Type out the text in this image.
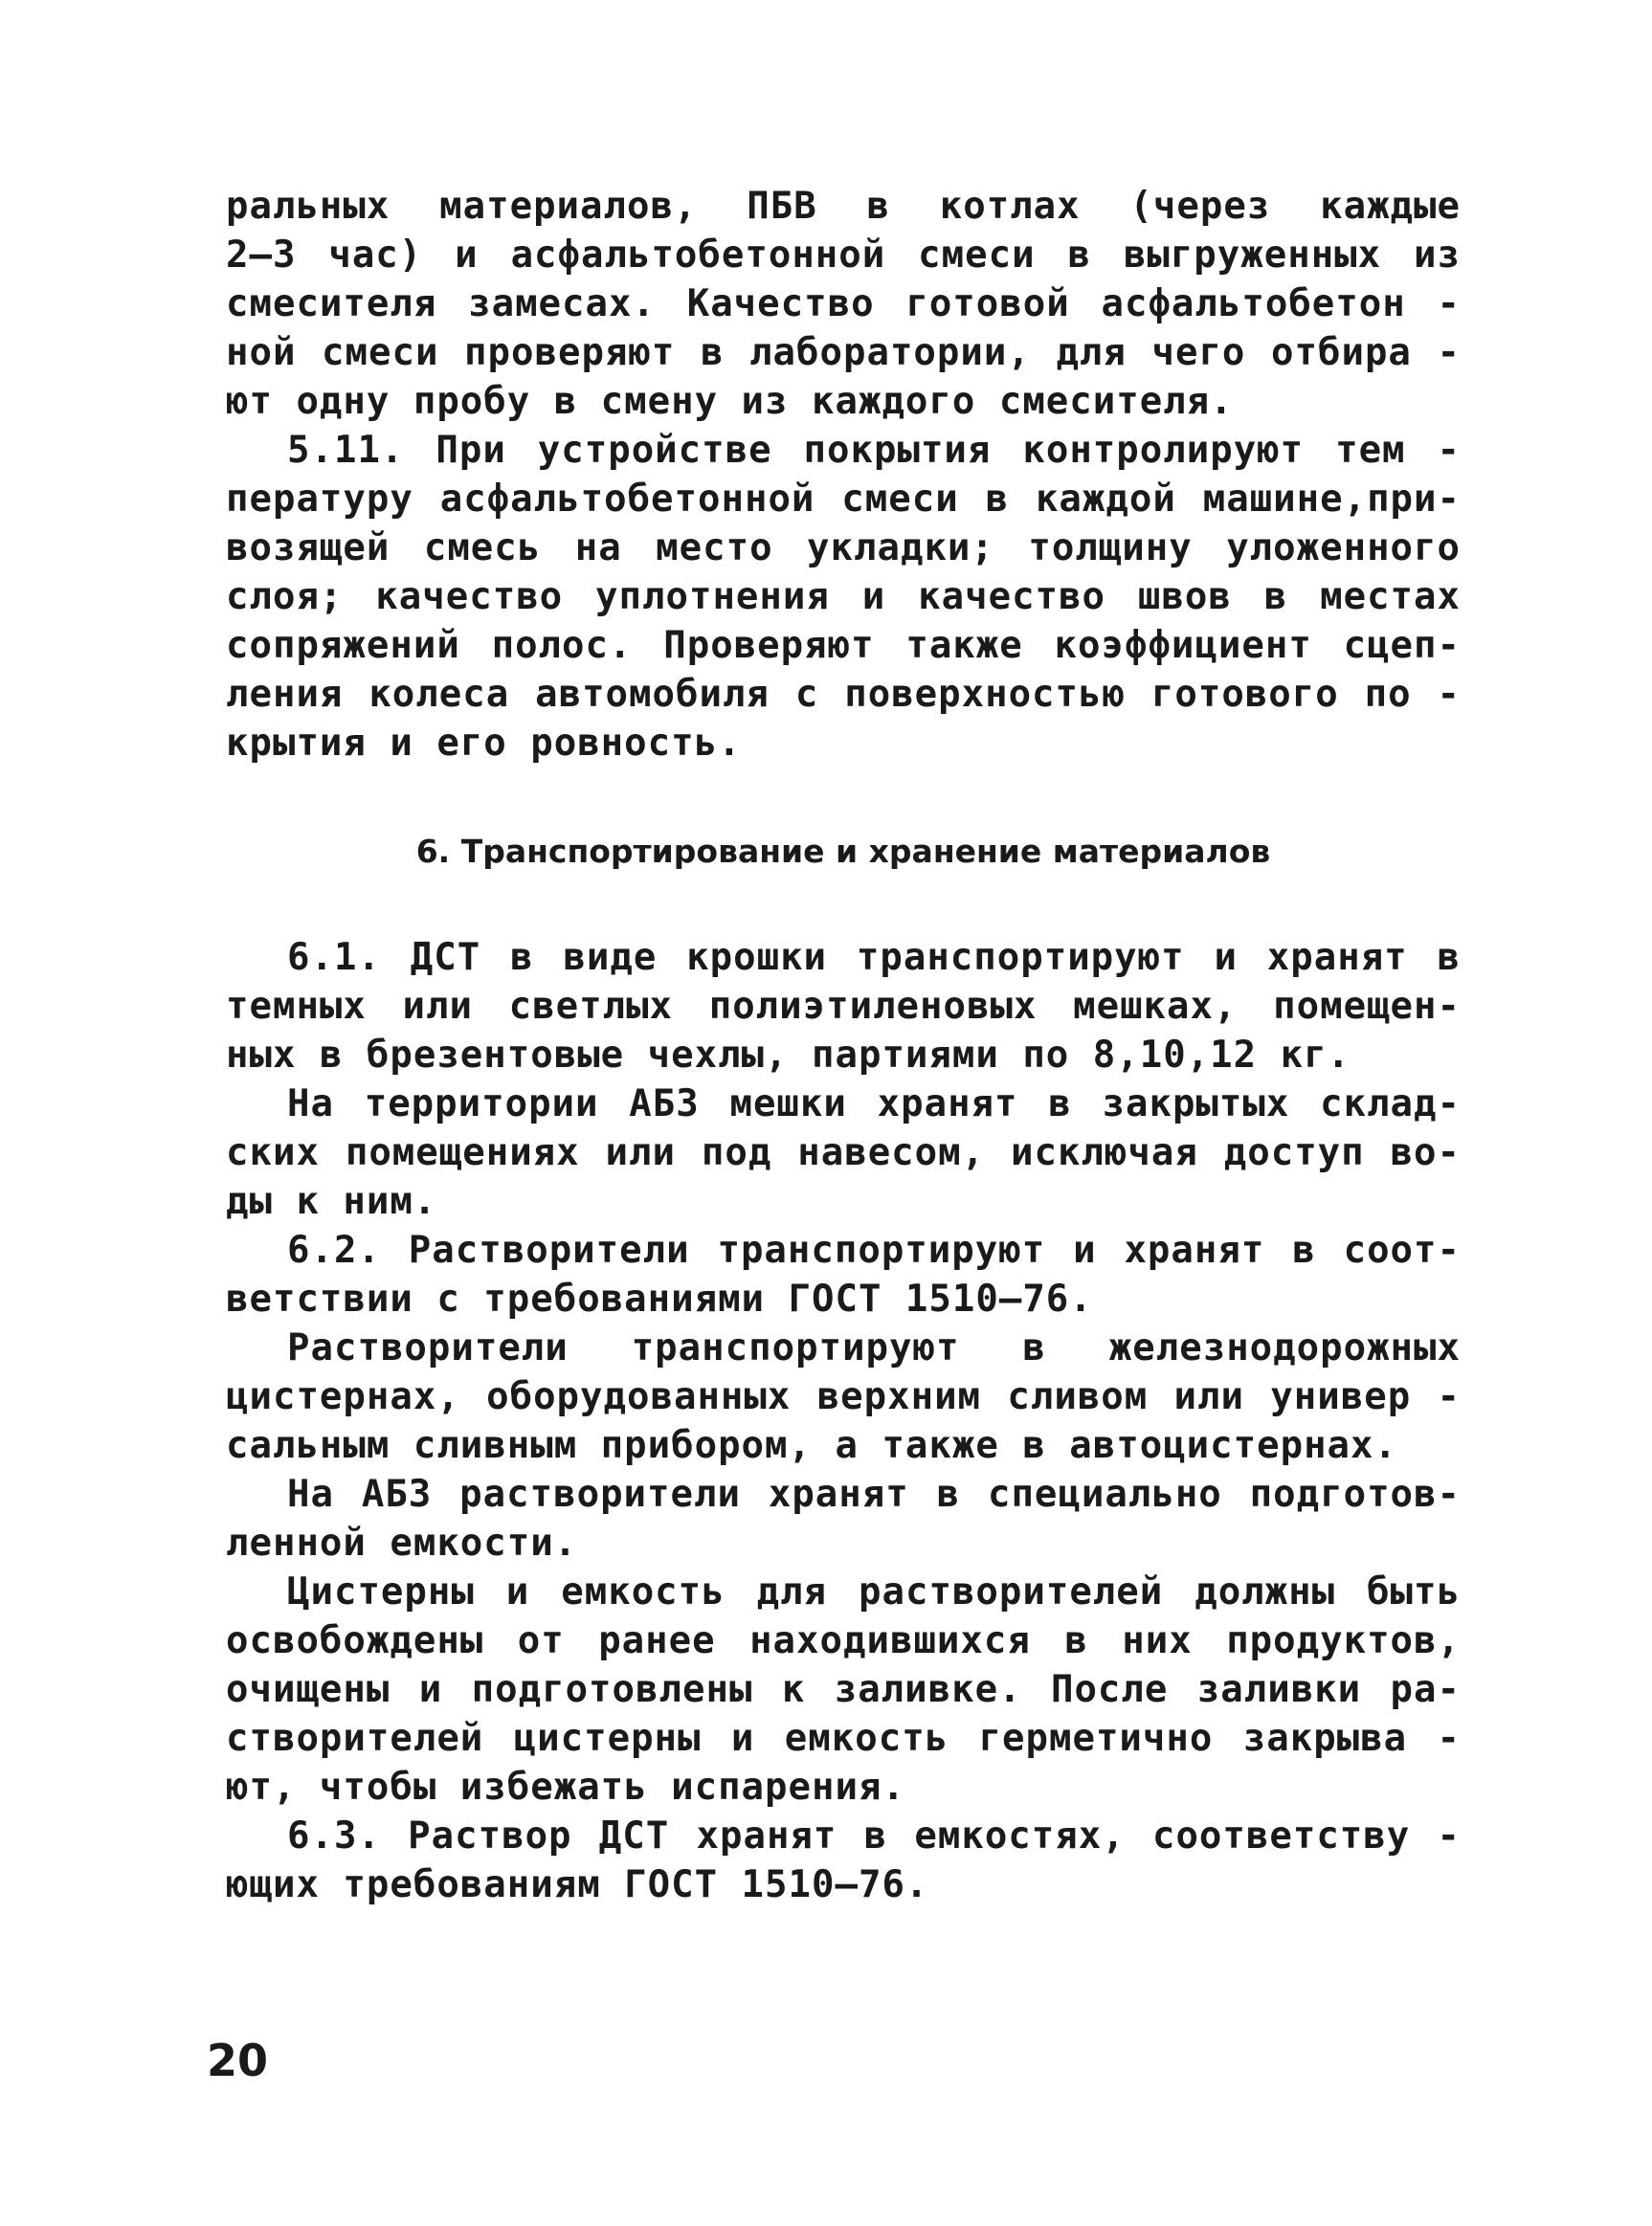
ральных материалов, ПБВ в котлах (через каждые
2–3 час) и асфальтобетонной смеси в выгруженных из
смесителя замесах. Качество готовой асфальтобетон -
ной смеси проверяют в лаборатории, для чего отбира -
ют одну пробу в смену из каждого смесителя.
5.11. При устройстве покрытия контролируют тем -
пературу асфальтобетонной смеси в каждой машине,при-
возящей смесь на место укладки; толщину уложенного
слоя; качество уплотнения и качество швов в местах
сопряжений полос. Проверяют также коэффициент сцеп-
ления колеса автомобиля с поверхностью готового по -
крытия и его ровность.
6. Транспортирование и хранение материалов
6.1. ДСТ в виде крошки транспортируют и хранят в
темных или светлых полиэтиленовых мешках, помещен-
ных в брезентовые чехлы, партиями по 8,10,12 кг.
На территории АБЗ мешки хранят в закрытых склад-
ских помещениях или под навесом, исключая доступ во-
ды к ним.
6.2. Растворители транспортируют и хранят в соот-
ветствии с требованиями ГОСТ 1510–76.
Растворители транспортируют в железнодорожных
цистернах, оборудованных верхним сливом или универ -
сальным сливным прибором, а также в автоцистернах.
На АБЗ растворители хранят в специально подготов-
ленной емкости.
Цистерны и емкость для растворителей должны быть
освобождены от ранее находившихся в них продуктов,
очищены и подготовлены к заливке. После заливки ра-
створителей цистерны и емкость герметично закрыва -
ют, чтобы избежать испарения.
6.3. Раствор ДСТ хранят в емкостях, соответству -
ющих требованиям ГОСТ 1510–76.
20
